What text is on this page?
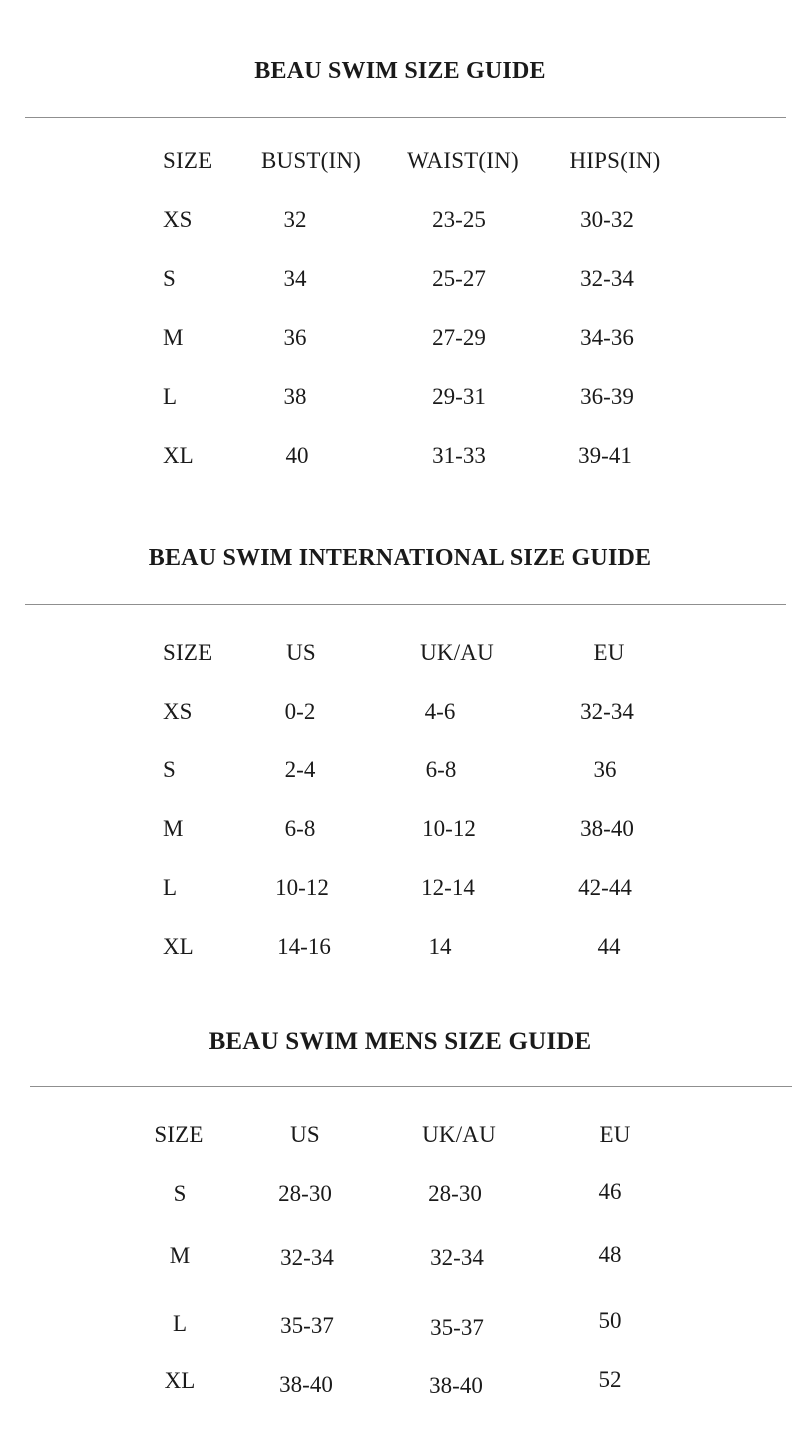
BEAU SWIM SIZE GUIDE
SIZE BUST(IN) WAIST(IN) HIPS(IN)
XS	32	23-25	30-32
S	34	25-27	32-34
M	36	27-29	34-36
L	38	29-31	36-39
XL	40	31-33	39-41
BEAU SWIM INTERNATIONAL SIZE GUIDE
SIZE	US	UK/AU	EU
XS	0-2	4-6	32-34
S	2-4	6-8	36
M	6-8	10-12	38-40
L	10-12	12-14	42-44
XL	14-16	14	44
BEAU SWIM MENS SIZE GUIDE
SIZE	US	UK/AU	EU
S	28-30	28-30	46
M	32-34	32-34	48
L	35-37	35-37	50
XL	38-40	38-40	52
